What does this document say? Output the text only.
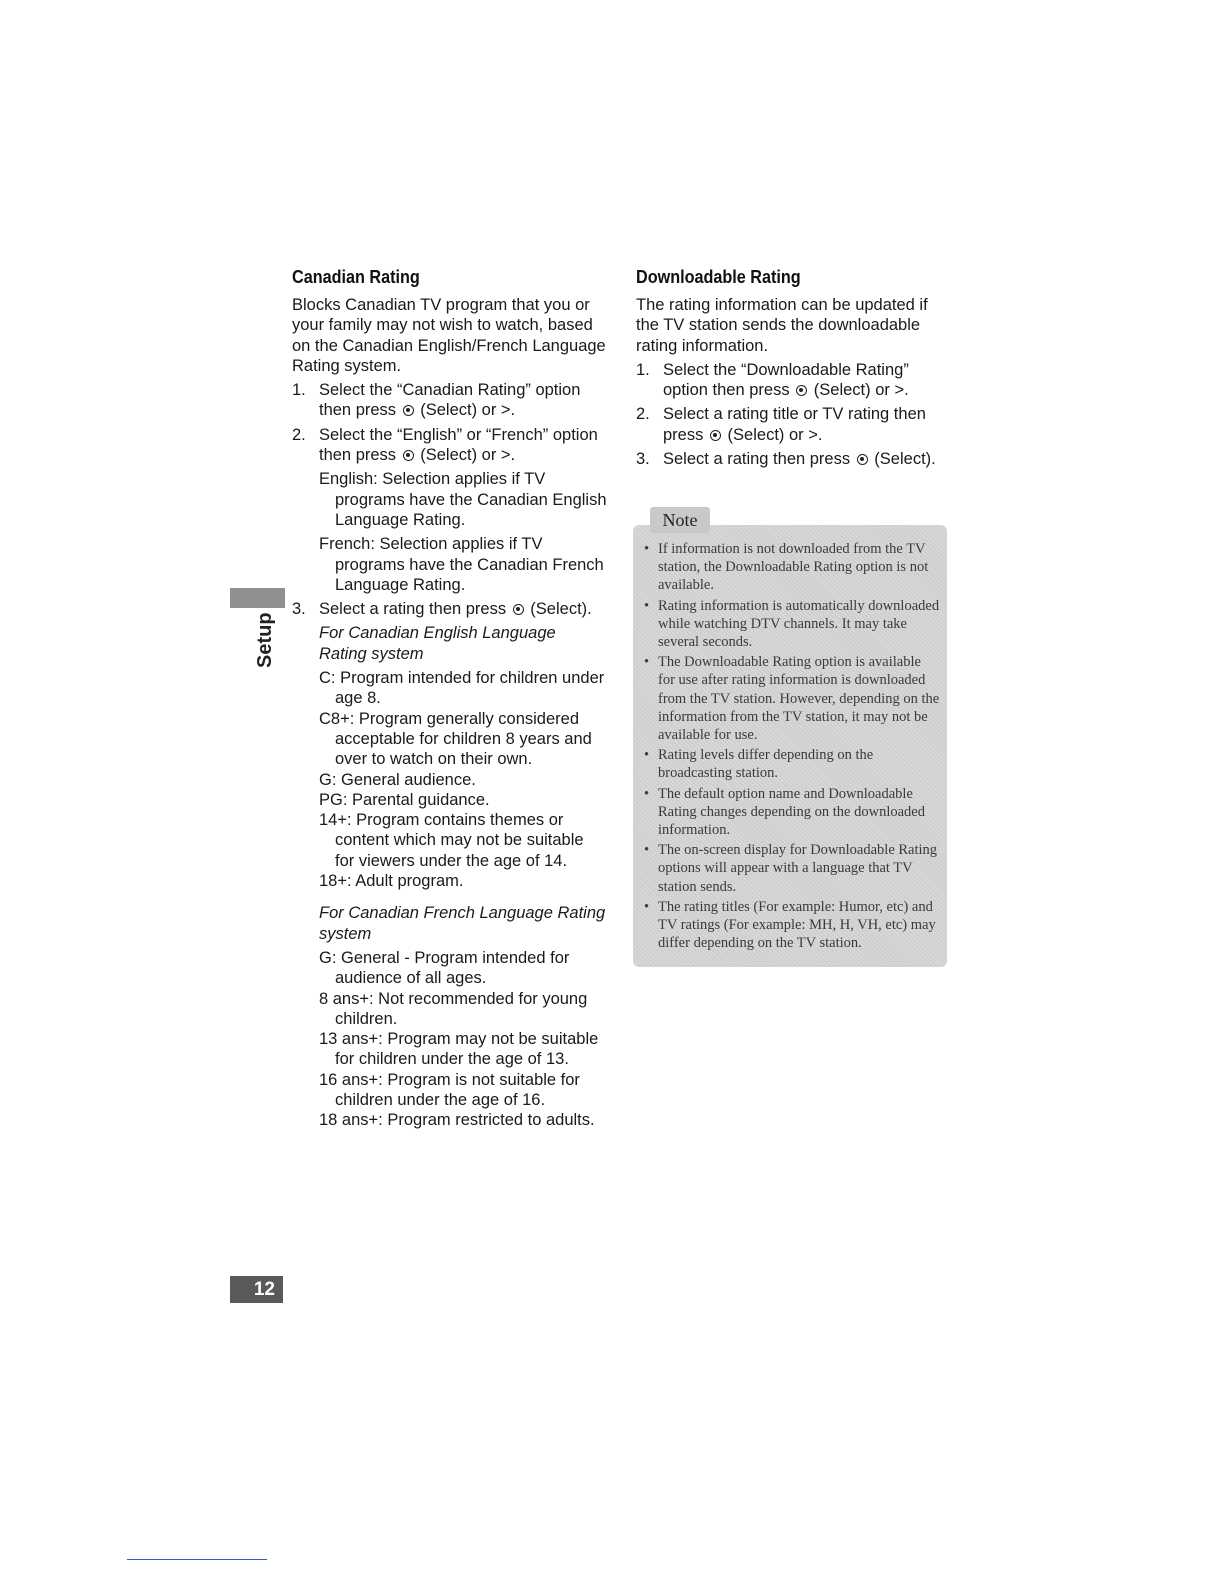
Canadian Rating

Blocks Canadian TV program that you or your family may not wish to watch, based on the Canadian English/French Language Rating system.

1. Select the “Canadian Rating” option then press (Select) or >.
2. Select the “English” or “French” option then press (Select) or >.

English: Selection applies if TV programs have the Canadian English Language Rating.

French: Selection applies if TV programs have the Canadian French Language Rating.

3. Select a rating then press (Select).

For Canadian English Language Rating system

C: Program intended for children under age 8.

C8+: Program generally considered acceptable for children 8 years and over to watch on their own.

G: General audience.

PG: Parental guidance.

14+: Program contains themes or content which may not be suitable for viewers under the age of 14.

18+: Adult program.

For Canadian French Language Rating system

G: General - Program intended for audience of all ages.

8 ans+: Not recommended for young children.

13 ans+: Program may not be suitable for children under the age of 13.

16 ans+: Program is not suitable for children under the age of 16.

18 ans+: Program restricted to adults.

Downloadable Rating

The rating information can be updated if the TV station sends the downloadable rating information.

1. Select the “Downloadable Rating” option then press (Select) or >.
2. Select a rating title or TV rating then press (Select) or >.
3. Select a rating then press (Select).
Note
• If information is not downloaded from the TV station, the Downloadable Rating option is not available.
• Rating information is automatically downloaded while watching DTV channels. It may take several seconds.
• The Downloadable Rating option is available for use after rating information is downloaded from the TV station. However, depending on the information from the TV station, it may not be available for use.
• Rating levels differ depending on the broadcasting station.
• The default option name and Downloadable Rating changes depending on the downloaded information.
• The on-screen display for Downloadable Rating options will appear with a language that TV station sends.
• The rating titles (For example: Humor, etc) and TV ratings (For example: MH, H, VH, etc) may differ depending on the TV station.
Setup
12
